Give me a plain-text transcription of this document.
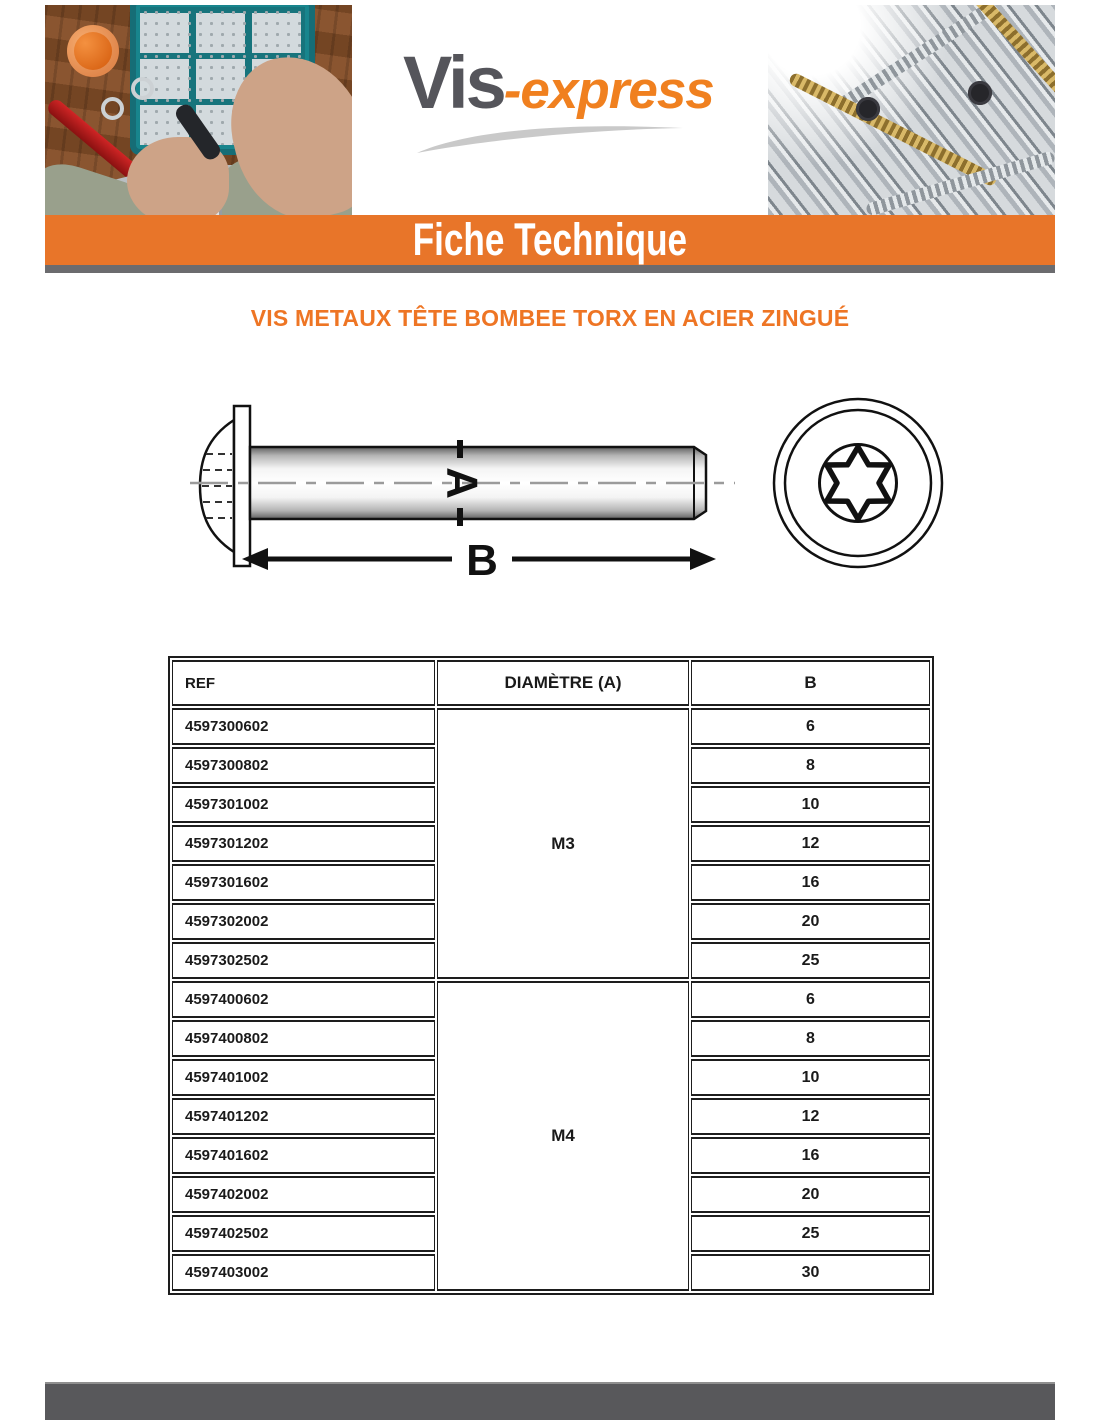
Vis -express
Fiche Technique
VIS METAUX TÊTE BOMBEE TORX EN ACIER ZINGUÉ
A
B
REF	DIAMÈTRE (A)	B
4597300602	M3	6
4597300802		8
4597301002		10
4597301202		12
4597301602		16
4597302002		20
4597302502		25
4597400602	M4	6
4597400802		8
4597401002		10
4597401202		12
4597401602		16
4597402002		20
4597402502		25
4597403002		30
